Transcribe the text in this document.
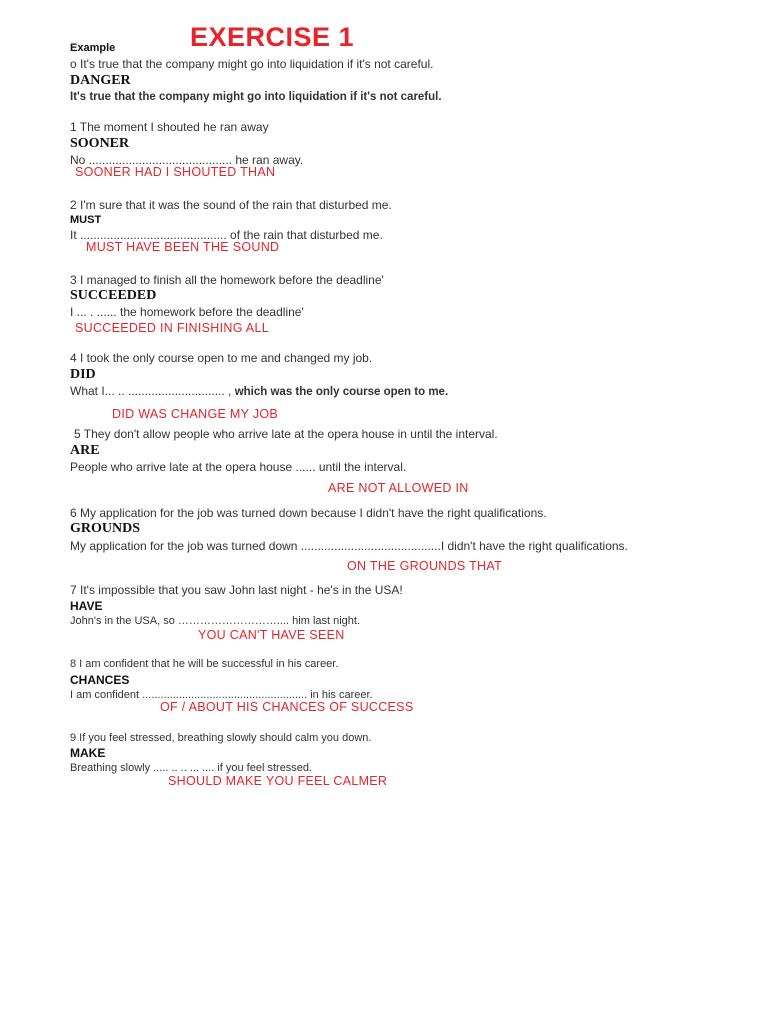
EXERCISE 1
Example
o It's true that the company might go into liquidation if it's not careful.
DANGER
It's true that the company might go into liquidation if it's not careful.
1 The moment I shouted he ran away
SOONER
No ........................................... he ran away.
SOONER HAD I SHOUTED THAN
2 I'm sure that it was the sound of the rain that disturbed me.
MUST
It ............................................ of the rain that disturbed me.
MUST HAVE BEEN THE SOUND
3 I managed to finish all the homework before the deadline'
SUCCEEDED
I ... . ...... the homework before the deadline'
SUCCEEDED IN FINISHING ALL
4 I took the only course open to me and changed my job.
DID
What I... .. ............................. , which was the only course open to me.
DID WAS CHANGE MY JOB
5 They don't allow people who arrive late at the opera house in until the interval.
ARE
People who arrive late at the opera house ...... until the interval.
ARE NOT ALLOWED IN
6 My application for the job was turned down because I didn't have the right qualifications.
GROUNDS
My application for the job was turned down ..........................................I didn't have the right qualifications.
ON THE GROUNDS THAT
7 It's impossible that you saw John last night - he's in the USA!
HAVE
John's in the USA, so ……………………….... him last night.
YOU CAN'T HAVE SEEN
8 I am confident that he will be successful in his career.
CHANCES
I am confident ...................................................... in his career.
OF / ABOUT HIS CHANCES OF SUCCESS
9 If you feel stressed, breathing slowly should calm you down.
MAKE
Breathing slowly ..... .. .. ... .... if you feel stressed.
SHOULD MAKE YOU FEEL CALMER
